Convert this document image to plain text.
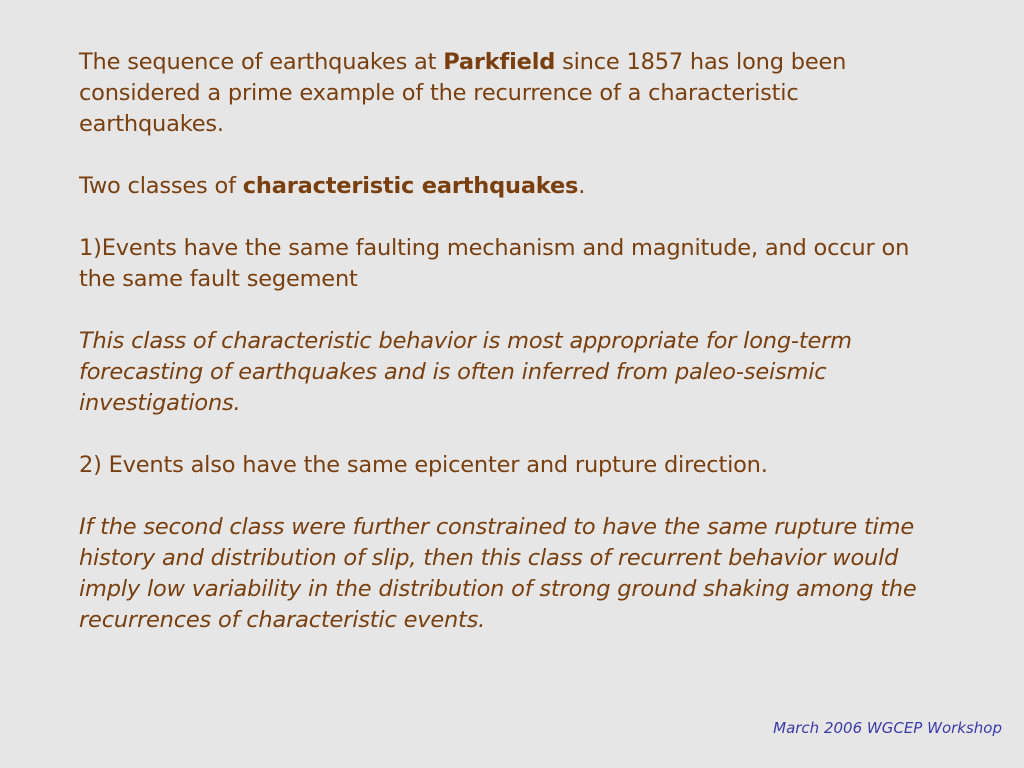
The sequence of earthquakes at Parkfield since 1857 has long been considered a prime example of the recurrence of a characteristic earthquakes.

Two classes of characteristic earthquakes.

1)Events have the same faulting mechanism and magnitude, and occur on the same fault segement

This class of characteristic behavior is most appropriate for long-term forecasting of earthquakes and is often inferred from paleo-seismic investigations.

2) Events also have the same epicenter and rupture direction.

If the second class were further constrained to have the same rupture time history and distribution of slip, then this class of recurrent behavior would imply low variability in the distribution of strong ground shaking among the recurrences of characteristic events.

March 2006 WGCEP Workshop
